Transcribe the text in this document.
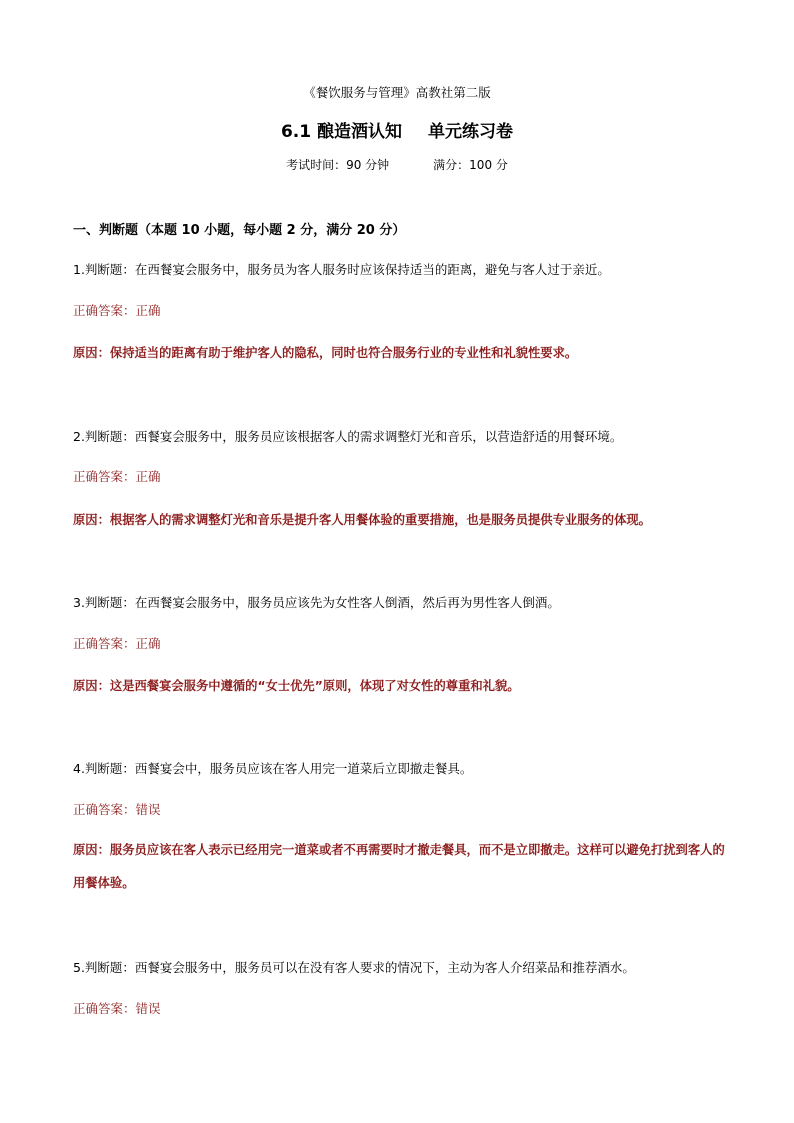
《餐饮服务与管理》高教社第二版
6.1 酿造酒认知 单元练习卷
考试时间：90 分钟	满分：100 分
一、判断题（本题 10 小题，每小题 2 分，满分 20 分）
1.判断题：在西餐宴会服务中，服务员为客人服务时应该保持适当的距离，避免与客人过于亲近。
正确答案：正确
原因：保持适当的距离有助于维护客人的隐私，同时也符合服务行业的专业性和礼貌性要求。
2.判断题：西餐宴会服务中，服务员应该根据客人的需求调整灯光和音乐，以营造舒适的用餐环境。
正确答案：正确
原因：根据客人的需求调整灯光和音乐是提升客人用餐体验的重要措施，也是服务员提供专业服务的体现。
3.判断题：在西餐宴会服务中，服务员应该先为女性客人倒酒，然后再为男性客人倒酒。
正确答案：正确
原因：这是西餐宴会服务中遵循的“女士优先”原则，体现了对女性的尊重和礼貌。
4.判断题：西餐宴会中，服务员应该在客人用完一道菜后立即撤走餐具。
正确答案：错误
原因：服务员应该在客人表示已经用完一道菜或者不再需要时才撤走餐具，而不是立即撤走。这样可以避免打扰到客人的用餐体验。
5.判断题：西餐宴会服务中，服务员可以在没有客人要求的情况下，主动为客人介绍菜品和推荐酒水。
正确答案：错误
